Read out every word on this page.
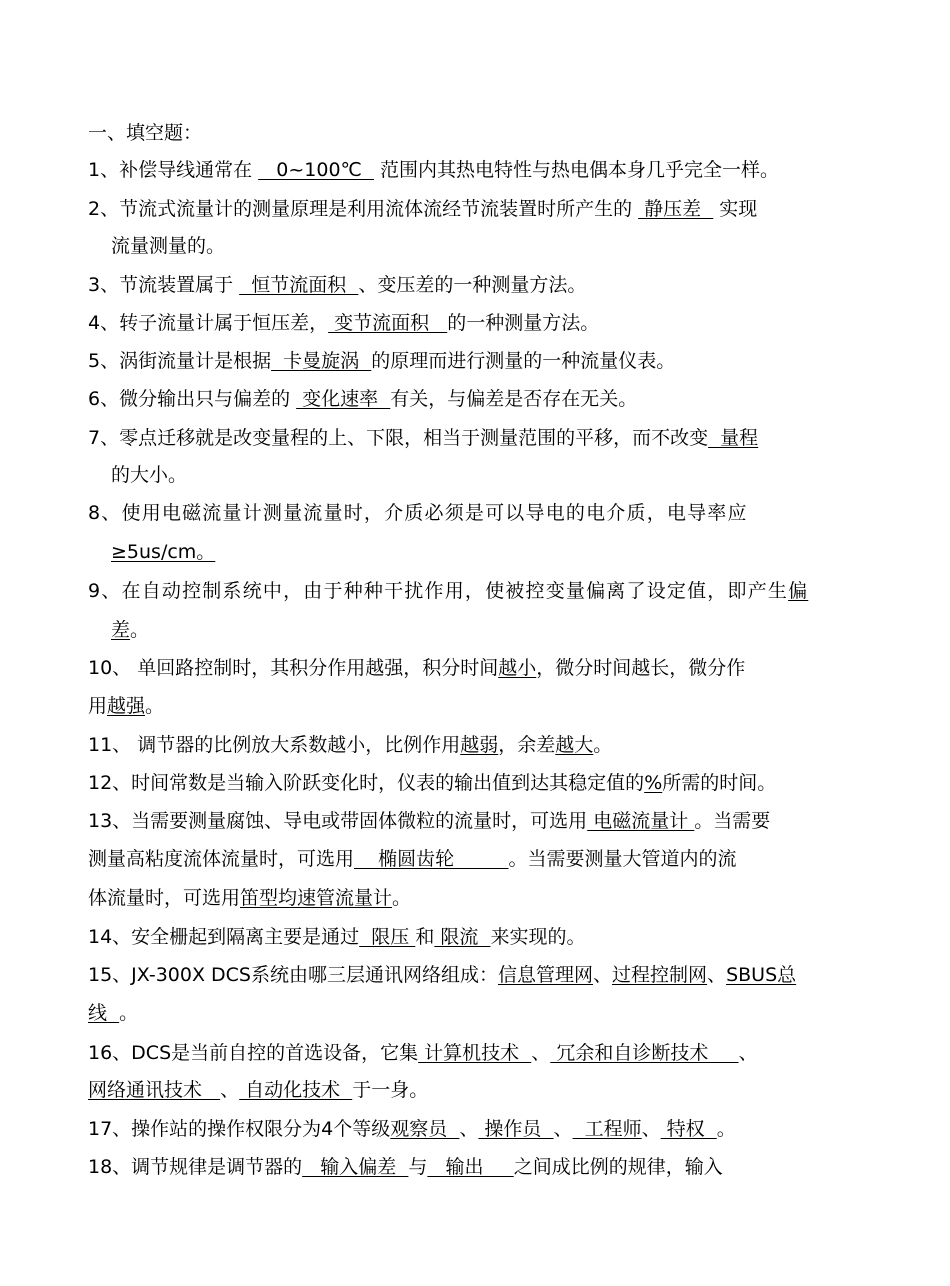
一、填空题：
1、补偿导线通常在    0~100℃   范围内其热电特性与热电偶本身几乎完全一样。
2、节流式流量计的测量原理是利用流体流经节流装置时所产生的  静压差   实现
流量测量的。
3、节流装置属于   恒节流面积  、变压差的一种测量方法。
4、转子流量计属于恒压差， 变节流面积   的一种测量方法。
5、涡街流量计是根据  卡曼旋涡  的原理而进行测量的一种流量仪表。
6、微分输出只与偏差的  变化速率  有关，与偏差是否存在无关。
7、零点迁移就是改变量程的上、下限，相当于测量范围的平移，而不改变  量程
的大小。
8、使用电磁流量计测量流量时，介质必须是可以导电的电介质，电导率应
≥5us/cm。
9、在自动控制系统中，由于种种干扰作用，使被控变量偏离了设定值，即产生偏
差。
10、 单回路控制时，其积分作用越强，积分时间越小，微分时间越长，微分作
用越强。
11、 调节器的比例放大系数越小，比例作用越弱，余差越大。
12、时间常数是当输入阶跃变化时，仪表的输出值到达其稳定值的%所需的时间。
13、当需要测量腐蚀、导电或带固体微粒的流量时，可选用 电磁流量计 。当需要
测量高粘度流体流量时，可选用    椭圆齿轮         。当需要测量大管道内的流
体流量时，可选用笛型均速管流量计。
14、安全栅起到隔离主要是通过  限压 和 限流  来实现的。
15、JX-300X DCS系统由哪三层通讯网络组成：信息管理网、过程控制网、SBUS总
线  。
16、DCS是当前自控的首选设备，它集 计算机技术  、 冗余和自诊断技术     、
网络通讯技术   、 自动化技术  于一身。
17、操作站的操作权限分为4个等级观察员  、 操作员  、  工程师、 特权  。
18、调节规律是调节器的   输入偏差  与   输出     之间成比例的规律，输入
